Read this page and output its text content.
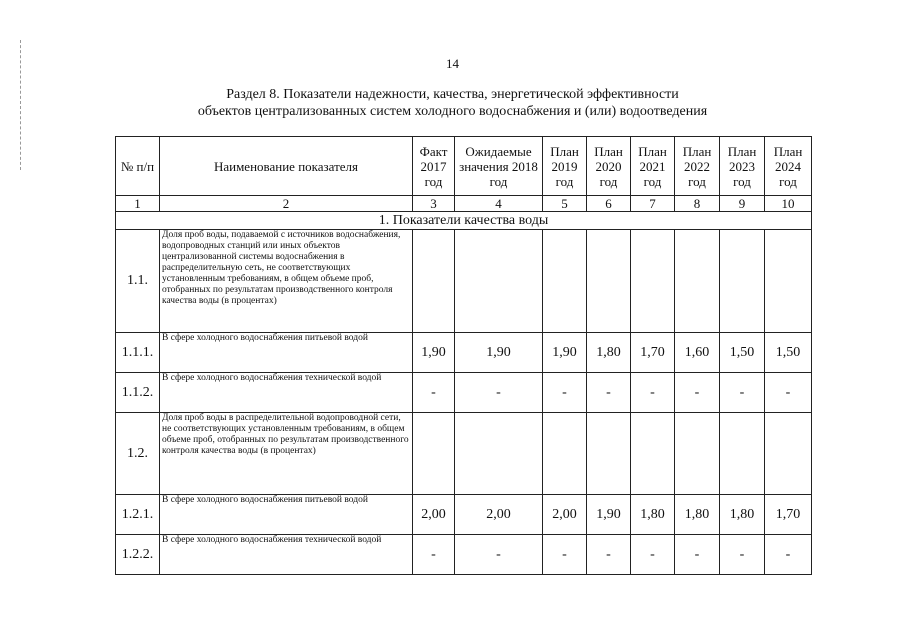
14
Раздел 8. Показатели надежности, качества, энергетической эффективности
объектов централизованных систем холодного водоснабжения и (или) водоотведения
№ п/п	Наименование показателя	Факт 2017 год	Ожидаемые значения 2018 год	План 2019 год	План 2020 год	План 2021 год	План 2022 год	План 2023 год	План 2024 год
1	2	3	4	5	6	7	8	9	10
1. Показатели качества воды									
1.1.	Доля проб воды, подаваемой с источников водоснабжения, водопроводных станций или иных объектов централизованной системы водоснабжения в распределительную сеть, не соответствующих установленным требованиям, в общем объеме проб, отобранных по результатам производственного контроля качества воды (в процентах)								
1.1.1.	В сфере холодного водоснабжения питьевой водой	1,90	1,90	1,90	1,80	1,70	1,60	1,50	1,50
1.1.2.	В сфере холодного водоснабжения технической водой	-	-	-	-	-	-	-	-
1.2.	Доля проб воды в распределительной водопроводной сети, не соответствующих установленным требованиям, в общем объеме проб, отобранных по результатам производственного контроля качества воды (в процентах)								
1.2.1.	В сфере холодного водоснабжения питьевой водой	2,00	2,00	2,00	1,90	1,80	1,80	1,80	1,70
1.2.2.	В сфере холодного водоснабжения технической водой	-	-	-	-	-	-	-	-
